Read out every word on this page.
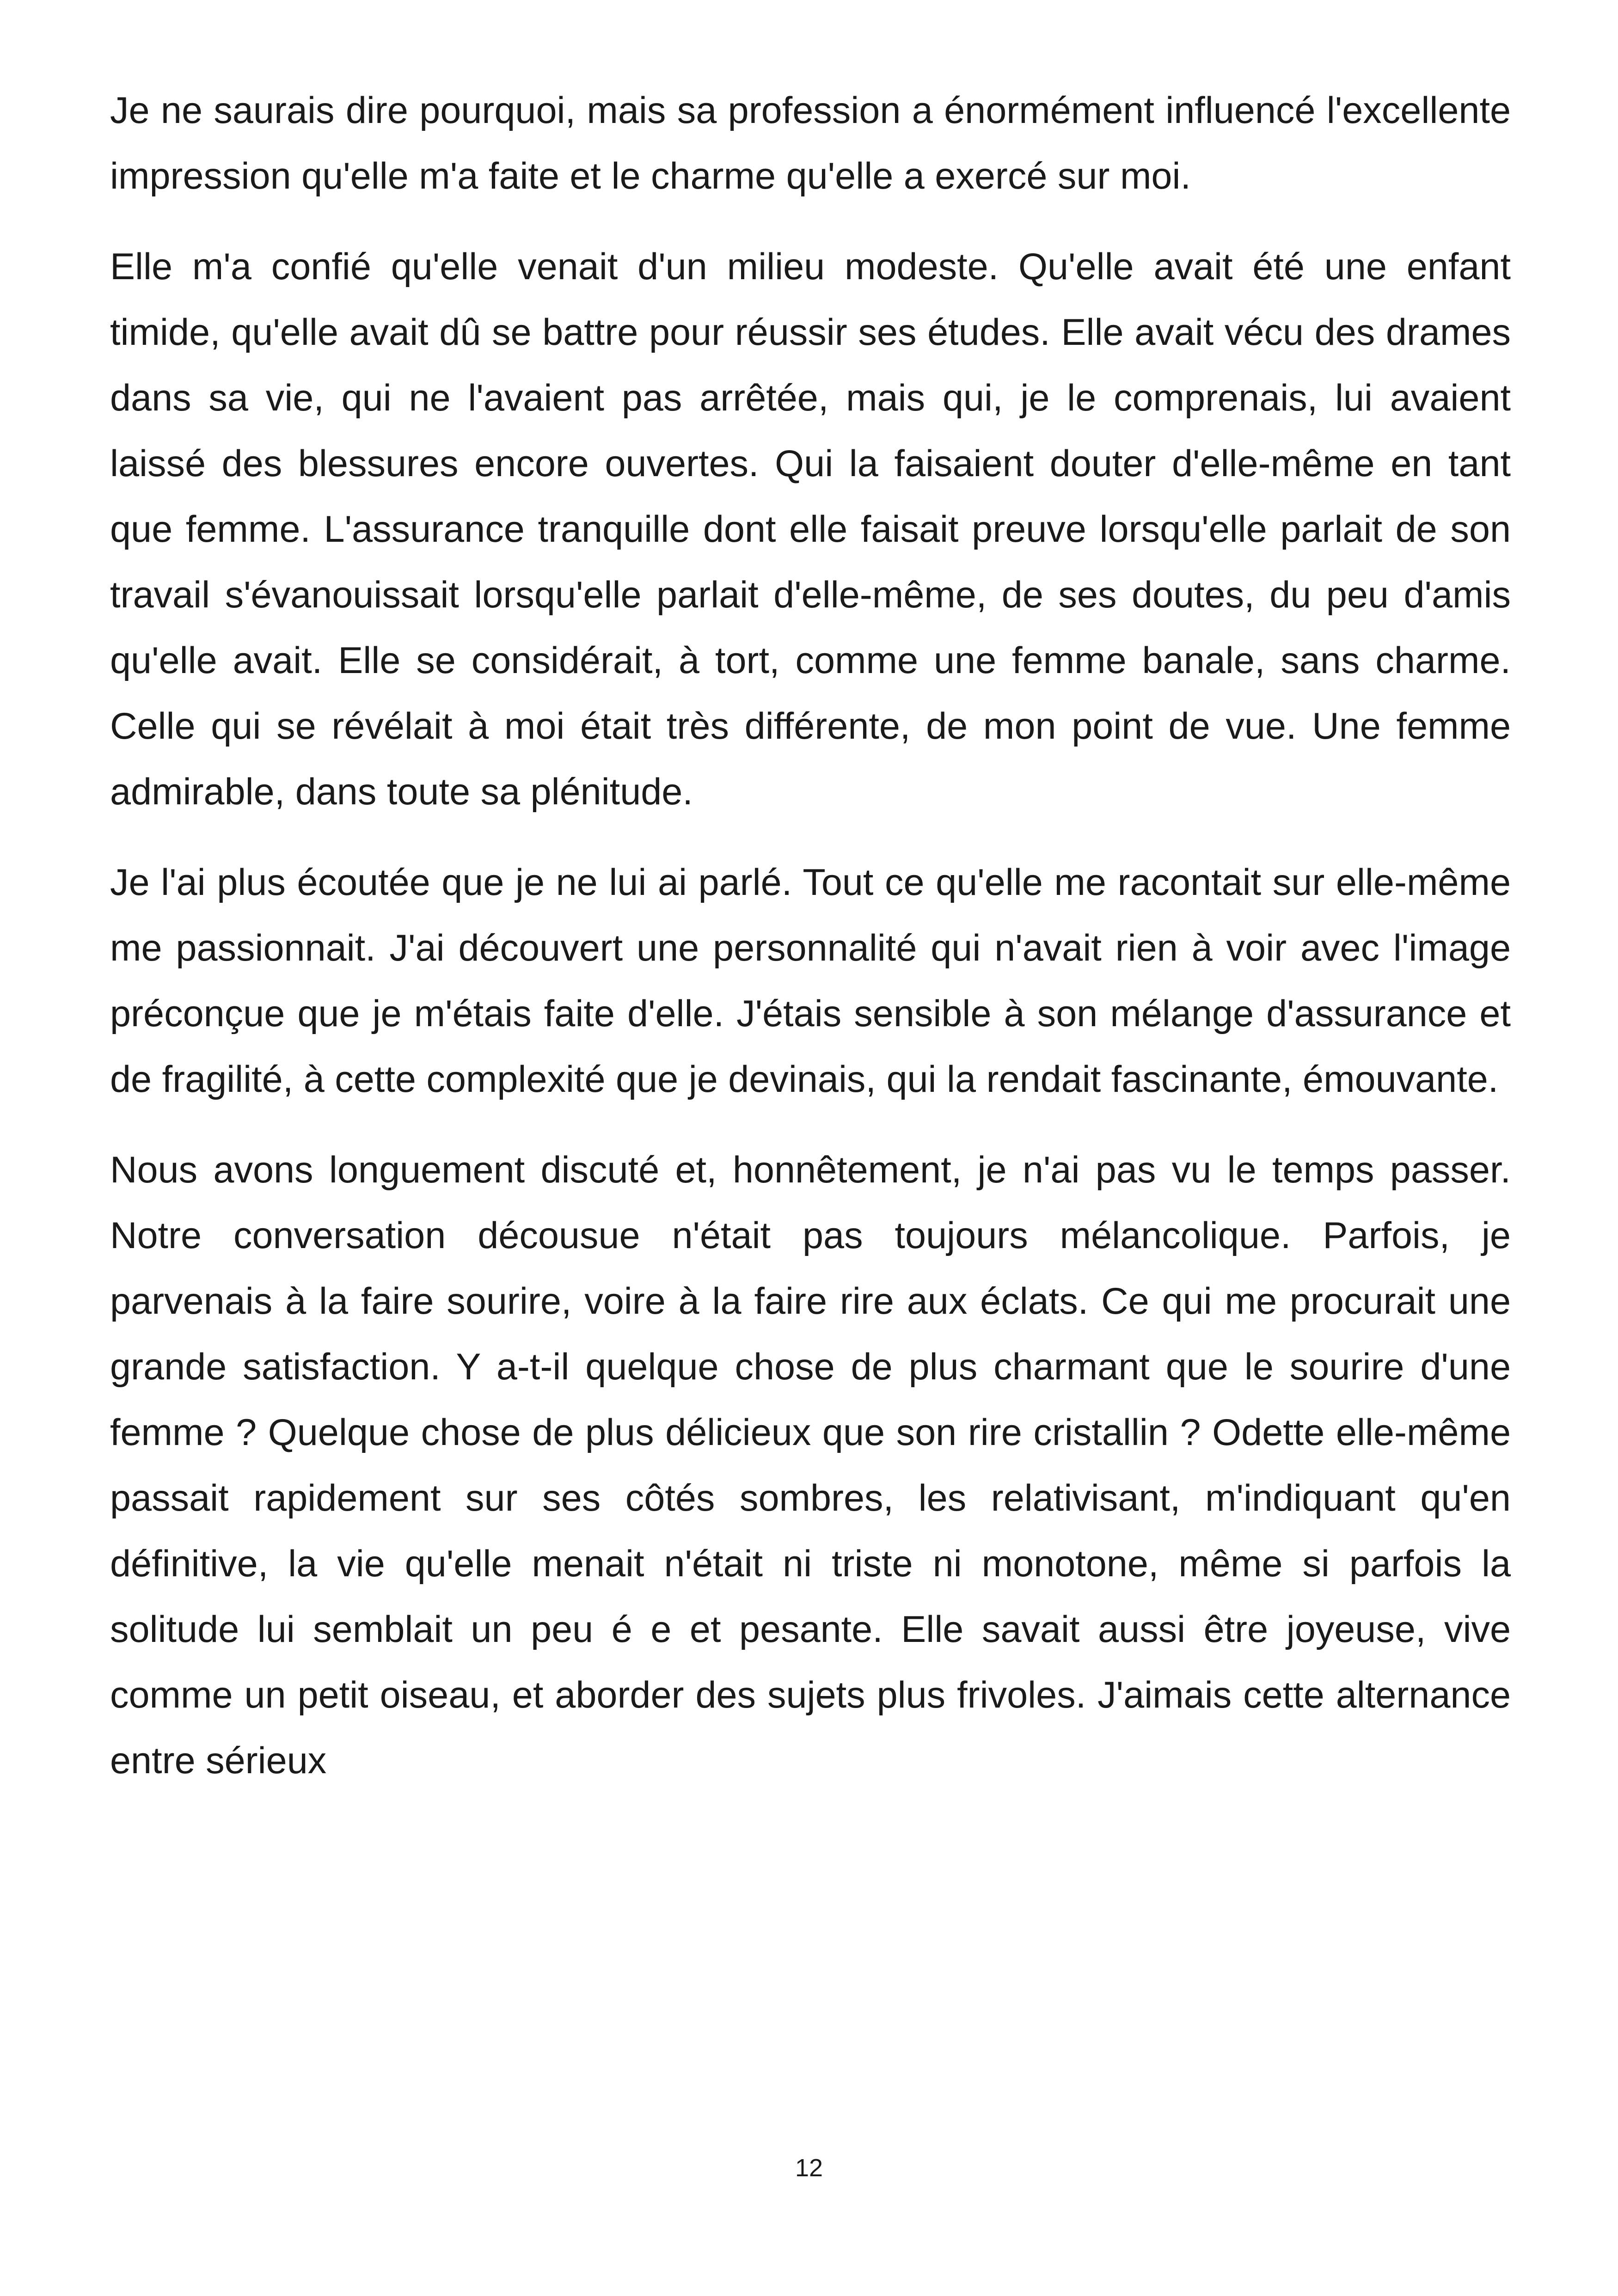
Je ne saurais dire pourquoi, mais sa profession a énormément influencé l'excellente impression qu'elle m'a faite et le charme qu'elle a exercé sur moi.

Elle m'a confié qu'elle venait d'un milieu modeste. Qu'elle avait été une enfant timide, qu'elle avait dû se battre pour réussir ses études. Elle avait vécu des drames dans sa vie, qui ne l'avaient pas arrêtée, mais qui, je le comprenais, lui avaient laissé des blessures encore ouvertes. Qui la faisaient douter d'elle-même en tant que femme. L'assurance tranquille dont elle faisait preuve lorsqu'elle parlait de son travail s'évanouissait lorsqu'elle parlait d'elle-même, de ses doutes, du peu d'amis qu'elle avait. Elle se considérait, à tort, comme une femme banale, sans charme. Celle qui se révélait à moi était très différente, de mon point de vue. Une femme admirable, dans toute sa plénitude.

Je l'ai plus écoutée que je ne lui ai parlé. Tout ce qu'elle me racontait sur elle-même me passionnait. J'ai découvert une personnalité qui n'avait rien à voir avec l'image préconçue que je m'étais faite d'elle. J'étais sensible à son mélange d'assurance et de fragilité, à cette complexité que je devinais, qui la rendait fascinante, émouvante.

Nous avons longuement discuté et, honnêtement, je n'ai pas vu le temps passer. Notre conversation décousue n'était pas toujours mélancolique. Parfois, je parvenais à la faire sourire, voire à la faire rire aux éclats. Ce qui me procurait une grande satisfaction. Y a-t-il quelque chose de plus charmant que le sourire d'une femme ? Quelque chose de plus délicieux que son rire cristallin ? Odette elle-même passait rapidement sur ses côtés sombres, les relativisant, m'indiquant qu'en définitive, la vie qu'elle menait n'était ni triste ni monotone, même si parfois la solitude lui semblait un peu é e et pesante. Elle savait aussi être joyeuse, vive comme un petit oiseau, et aborder des sujets plus frivoles. J'aimais cette alternance entre sérieux

12
